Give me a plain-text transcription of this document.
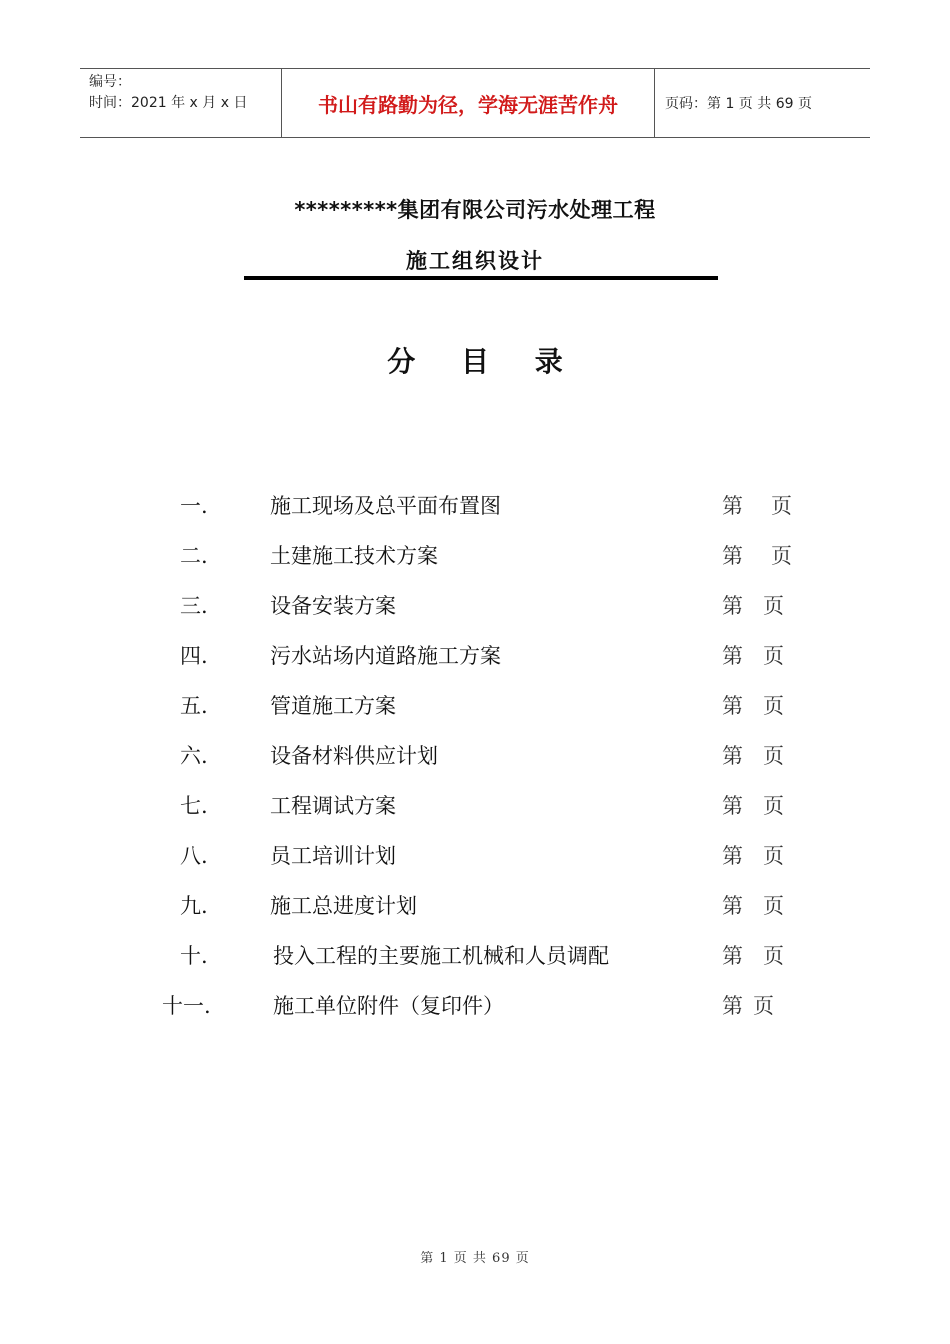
编号：
时间：2021 年 x 月 x 日	书山有路勤为径，学海无涯苦作舟	页码：第 1 页 共 69 页
*********集团有限公司污水处理工程
施工组织设计
分 目 录
一.	施工现场及总平面布置图	第 页
二.	土建施工技术方案	第 页
三.	设备安装方案	第 页
四.	污水站场内道路施工方案	第 页
五.	管道施工方案	第 页
六.	设备材料供应计划	第 页
七.	工程调试方案	第 页
八.	员工培训计划	第 页
九.	施工总进度计划	第 页
十.	投入工程的主要施工机械和人员调配	第 页
十一.	施工单位附件（复印件）	第 页
第 1 页 共 69 页
